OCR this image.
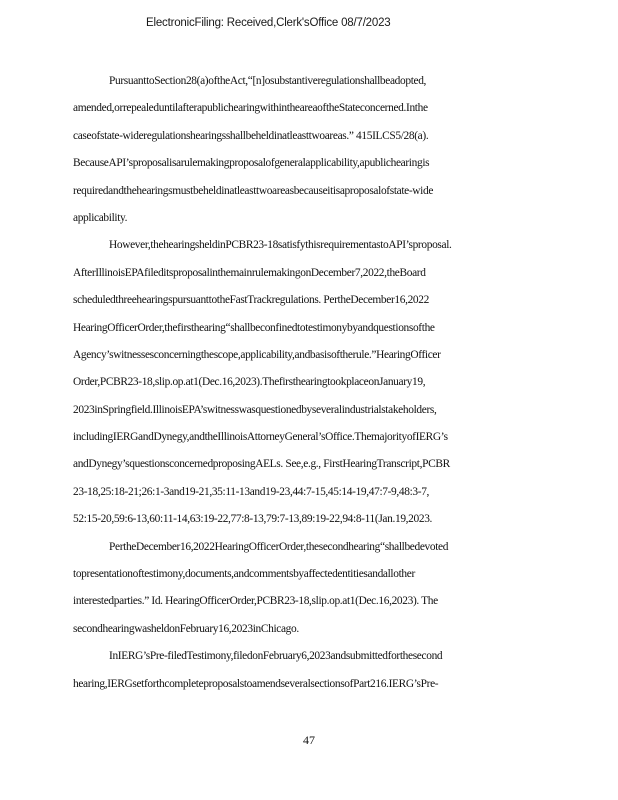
ElectronicFiling: Received,Clerk'sOffice 08/7/2023
PursuanttoSection28(a)oftheAct,“[n]osubstantiveregulationshallbeadopted,
amended,orrepealeduntilafterapublichearingwithintheareaoftheStateconcerned.Inthe
caseofstate-wideregulationshearingsshallbeheldinatleasttwoareas.” 415ILCS5/28(a).
BecauseAPI’sproposalisarulemakingproposalofgeneralapplicability,apublichearingis
requiredandthehearingsmustbeheldinatleasttwoareasbecauseitisaproposalofstate-wide
applicability.
However,thehearingsheldinPCBR23-18satisfythisrequirementastoAPI’sproposal.
AfterIllinoisEPAfileditsproposalinthemainrulemakingonDecember7,2022,theBoard
scheduledthreehearingspursuanttotheFastTrackregulations. PertheDecember16,2022
HearingOfficerOrder,thefirsthearing“shallbeconfinedtotestimonybyandquestionsofthe
Agency’switnessesconcerningthescope,applicability,andbasisoftherule.”HearingOfficer
Order,PCBR23-18,slip.op.at1(Dec.16,2023).ThefirsthearingtookplaceonJanuary19,
2023inSpringfield.IllinoisEPA’switnesswasquestionedbyseveralindustrialstakeholders,
includingIERGandDynegy,andtheIllinoisAttorneyGeneral’sOffice.ThemajorityofIERG’s
andDynegy’squestionsconcernedproposingAELs. See,e.g., FirstHearingTranscript,PCBR
23-18,25:18-21;26:1-3and19-21,35:11-13and19-23,44:7-15,45:14-19,47:7-9,48:3-7,
52:15-20,59:6-13,60:11-14,63:19-22,77:8-13,79:7-13,89:19-22,94:8-11(Jan.19,2023.
PertheDecember16,2022HearingOfficerOrder,thesecondhearing“shallbedevoted
topresentationoftestimony,documents,andcommentsbyaffectedentitiesandallother
interestedparties.” Id. HearingOfficerOrder,PCBR23-18,slip.op.at1(Dec.16,2023). The
secondhearingwasheldonFebruary16,2023inChicago.
InIERG’sPre-filedTestimony,filedonFebruary6,2023andsubmittedforthesecond
hearing,IERGsetforthcompleteproposalstoamendseveralsectionsofPart216.IERG’sPre-
47
